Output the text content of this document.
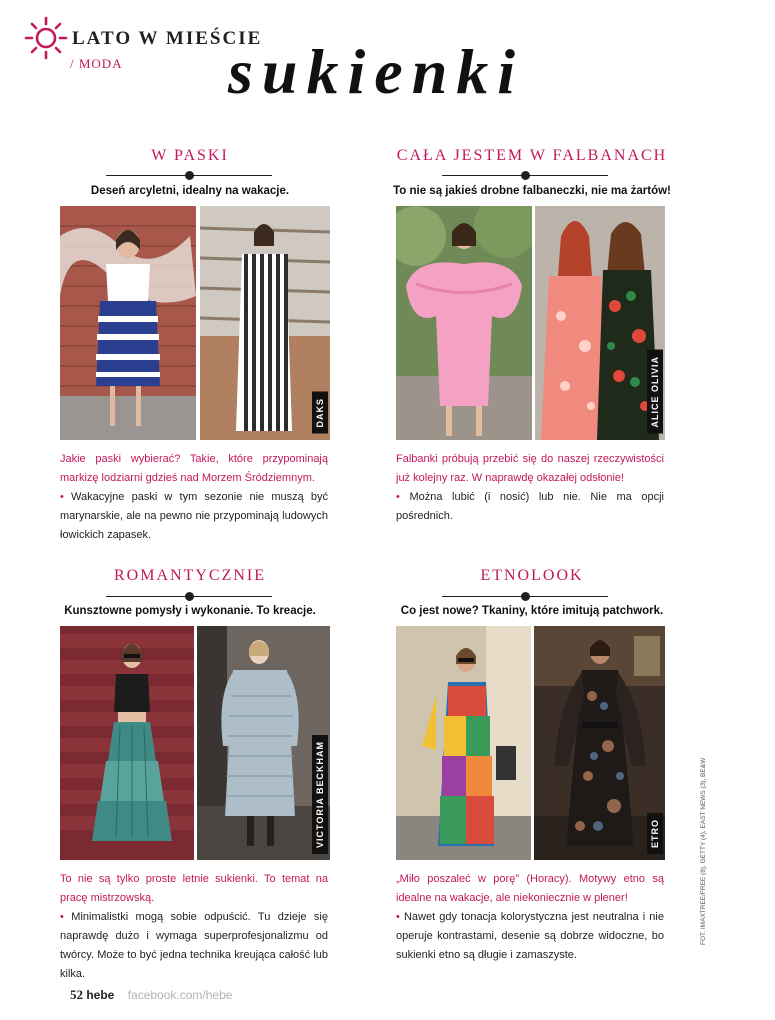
LATO W MIEŚCIE
/ MODA sukienki
W PASKI
Deseń arcyletni, idealny na wakacje.
DAKS
Jakie paski wybierać? Takie, które przypominają markizę lodziarni gdzieś nad Morzem Śródziemnym.
• Wakacyjne paski w tym sezonie nie muszą być marynarskie, ale na pewno nie przypominają ludowych łowickich zapasek.
CAŁA JESTEM W FALBANACH
To nie są jakieś drobne falbaneczki, nie ma żartów!
ALICE OLIVIA
Falbanki próbują przebić się do naszej rzeczywistości już kolejny raz. W naprawdę okazałej odsłonie!
• Można lubić (i nosić) lub nie. Nie ma opcji pośrednich.
ROMANTYCZNIE
Kunsztowne pomysły i wykonanie. To kreacje.
VICTORIA BECKHAM
To nie są tylko proste letnie sukienki. To temat na pracę mistrzowską.
• Minimalistki mogą sobie odpuścić. Tu dzieje się naprawdę dużo i wymaga superprofesjonalizmu od twórcy. Może to być jedna technika kreująca całość lub kilka.
ETNOLOOK
Co jest nowe? Tkaniny, które imitują patchwork.
ETRO
„Miło poszaleć w porę” (Horacy). Motywy etno są idealne na wakacje, ale niekoniecznie w plener!
• Nawet gdy tonacja kolorystyczna jest neutralna i nie operuje kontrastami, desenie są dobrze widoczne, bo sukienki etno są długie i zamaszyste.
FOT. IMAXTREE/FREE (8), GETTY (4), EAST NEWS (3), BE&W
52 hebe facebook.com/hebe
